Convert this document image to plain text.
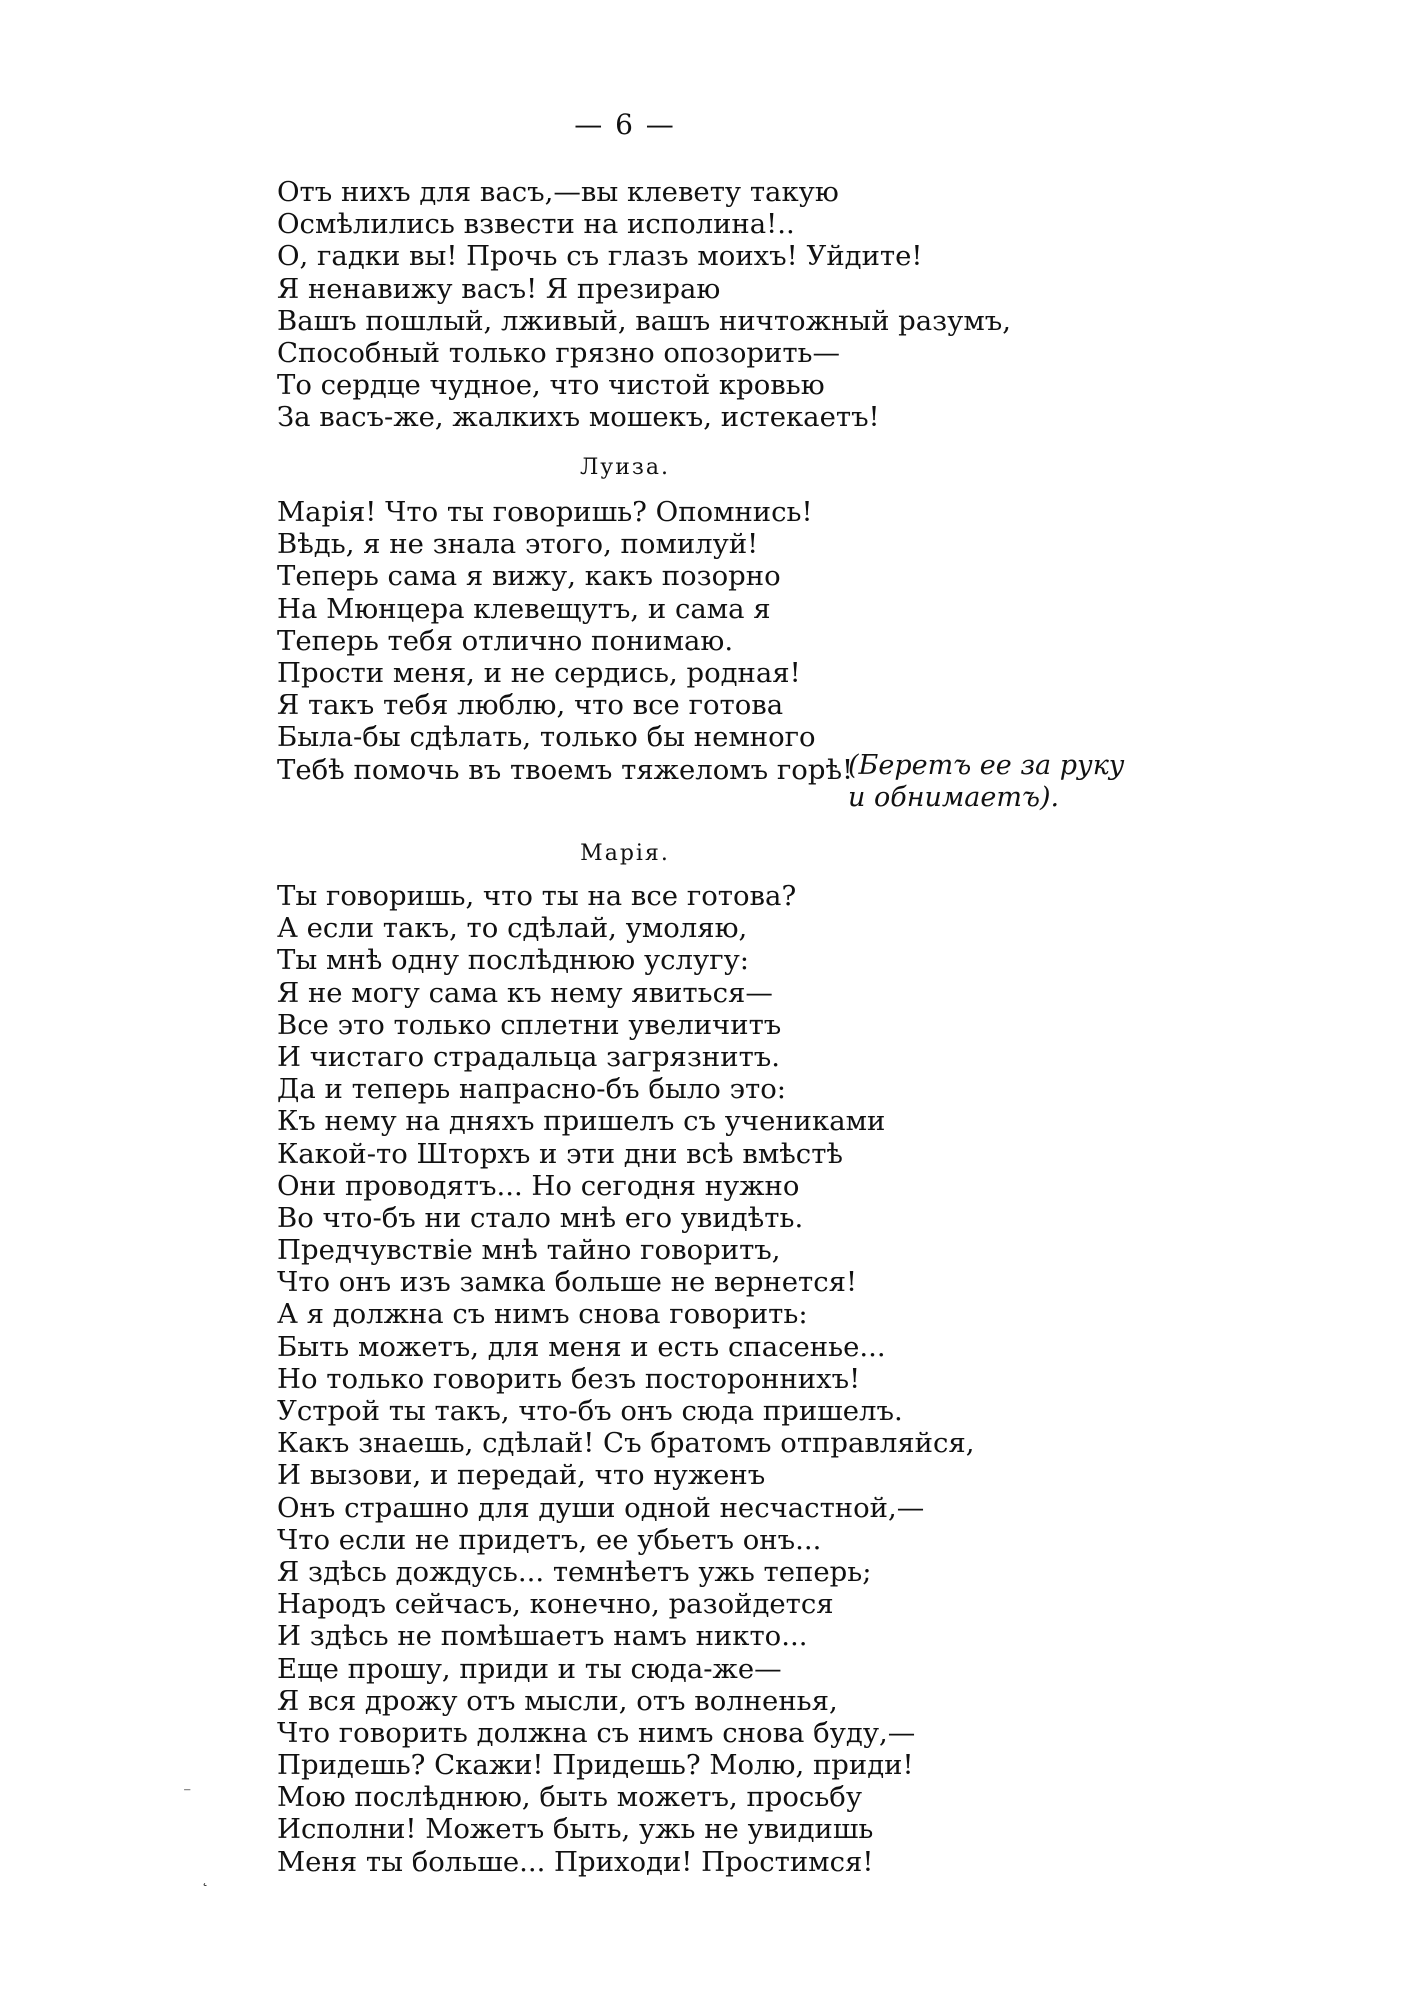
— 6 —
Отъ нихъ для васъ,—вы клевету такую
Осмѣлились взвести на исполина!..
О, гадки вы! Прочь съ глазъ моихъ! Уйдите!
Я ненавижу васъ! Я презираю
Вашъ пошлый, лживый, вашъ ничтожный разумъ,
Способный только грязно опозорить—
То сердце чудное, что чистой кровью
За васъ-же, жалкихъ мошекъ, истекаетъ!
Луиза.
Марія! Что ты говоришь? Опомнись!
Вѣдь, я не знала этого, помилуй!
Теперь сама я вижу, какъ позорно
На Мюнцера клевещутъ, и сама я
Теперь тебя отлично понимаю.
Прости меня, и не сердись, родная!
Я такъ тебя люблю, что все готова
Была-бы сдѣлать, только бы немного
Тебѣ помочь въ твоемъ тяжеломъ горѣ!
(Беретъ ее за руку
и обнимаетъ).
Марія.
Ты говоришь, что ты на все готова?
А если такъ, то сдѣлай, умоляю,
Ты мнѣ одну послѣднюю услугу:
Я не могу сама къ нему явиться—
Все это только сплетни увеличитъ
И чистаго страдальца загрязнитъ.
Да и теперь напрасно-бъ было это:
Къ нему на дняхъ пришелъ съ учениками
Какой-то Шторхъ и эти дни всѣ вмѣстѣ
Они проводятъ... Но сегодня нужно
Во что-бъ ни стало мнѣ его увидѣть.
Предчувствіе мнѣ тайно говоритъ,
Что онъ изъ замка больше не вернется!
А я должна съ нимъ снова говорить:
Быть можетъ, для меня и есть спасенье...
Но только говорить безъ постороннихъ!
Устрой ты такъ, что-бъ онъ сюда пришелъ.
Какъ знаешь, сдѣлай! Съ братомъ отправляйся,
И вызови, и передай, что нуженъ
Онъ страшно для души одной несчастной,—
Что если не придетъ, ее убьетъ онъ...
Я здѣсь дождусь... темнѣетъ ужь теперь;
Народъ сейчасъ, конечно, разойдется
И здѣсь не помѣшаетъ намъ никто...
Еще прошу, приди и ты сюда-же—
Я вся дрожу отъ мысли, отъ волненья,
Что говорить должна съ нимъ снова буду,—
Придешь? Скажи! Придешь? Молю, приди!
Мою послѣднюю, быть можетъ, просьбу
Исполни! Можетъ быть, ужь не увидишь
Меня ты больше... Приходи! Простимся!
⁻
˛
